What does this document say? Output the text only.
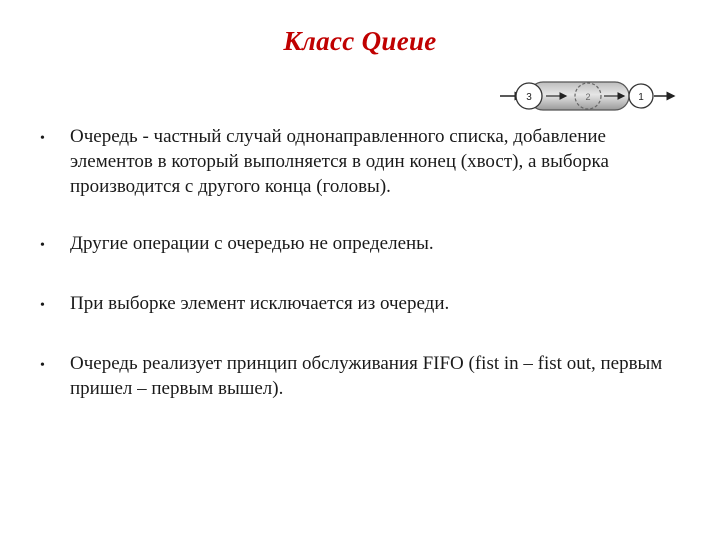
Класс Queue
3	2	1
•	Очередь - частный случай однонаправленного списка, добавление элементов в который выполняется в один конец (хвост), а выборка производится с другого конца (головы).
•	Другие операции с очередью не определены.
•	При выборке элемент исключается из очереди.
•	Очередь реализует принцип обслуживания FIFO (fist in – fist out, первым пришел – первым вышел).
